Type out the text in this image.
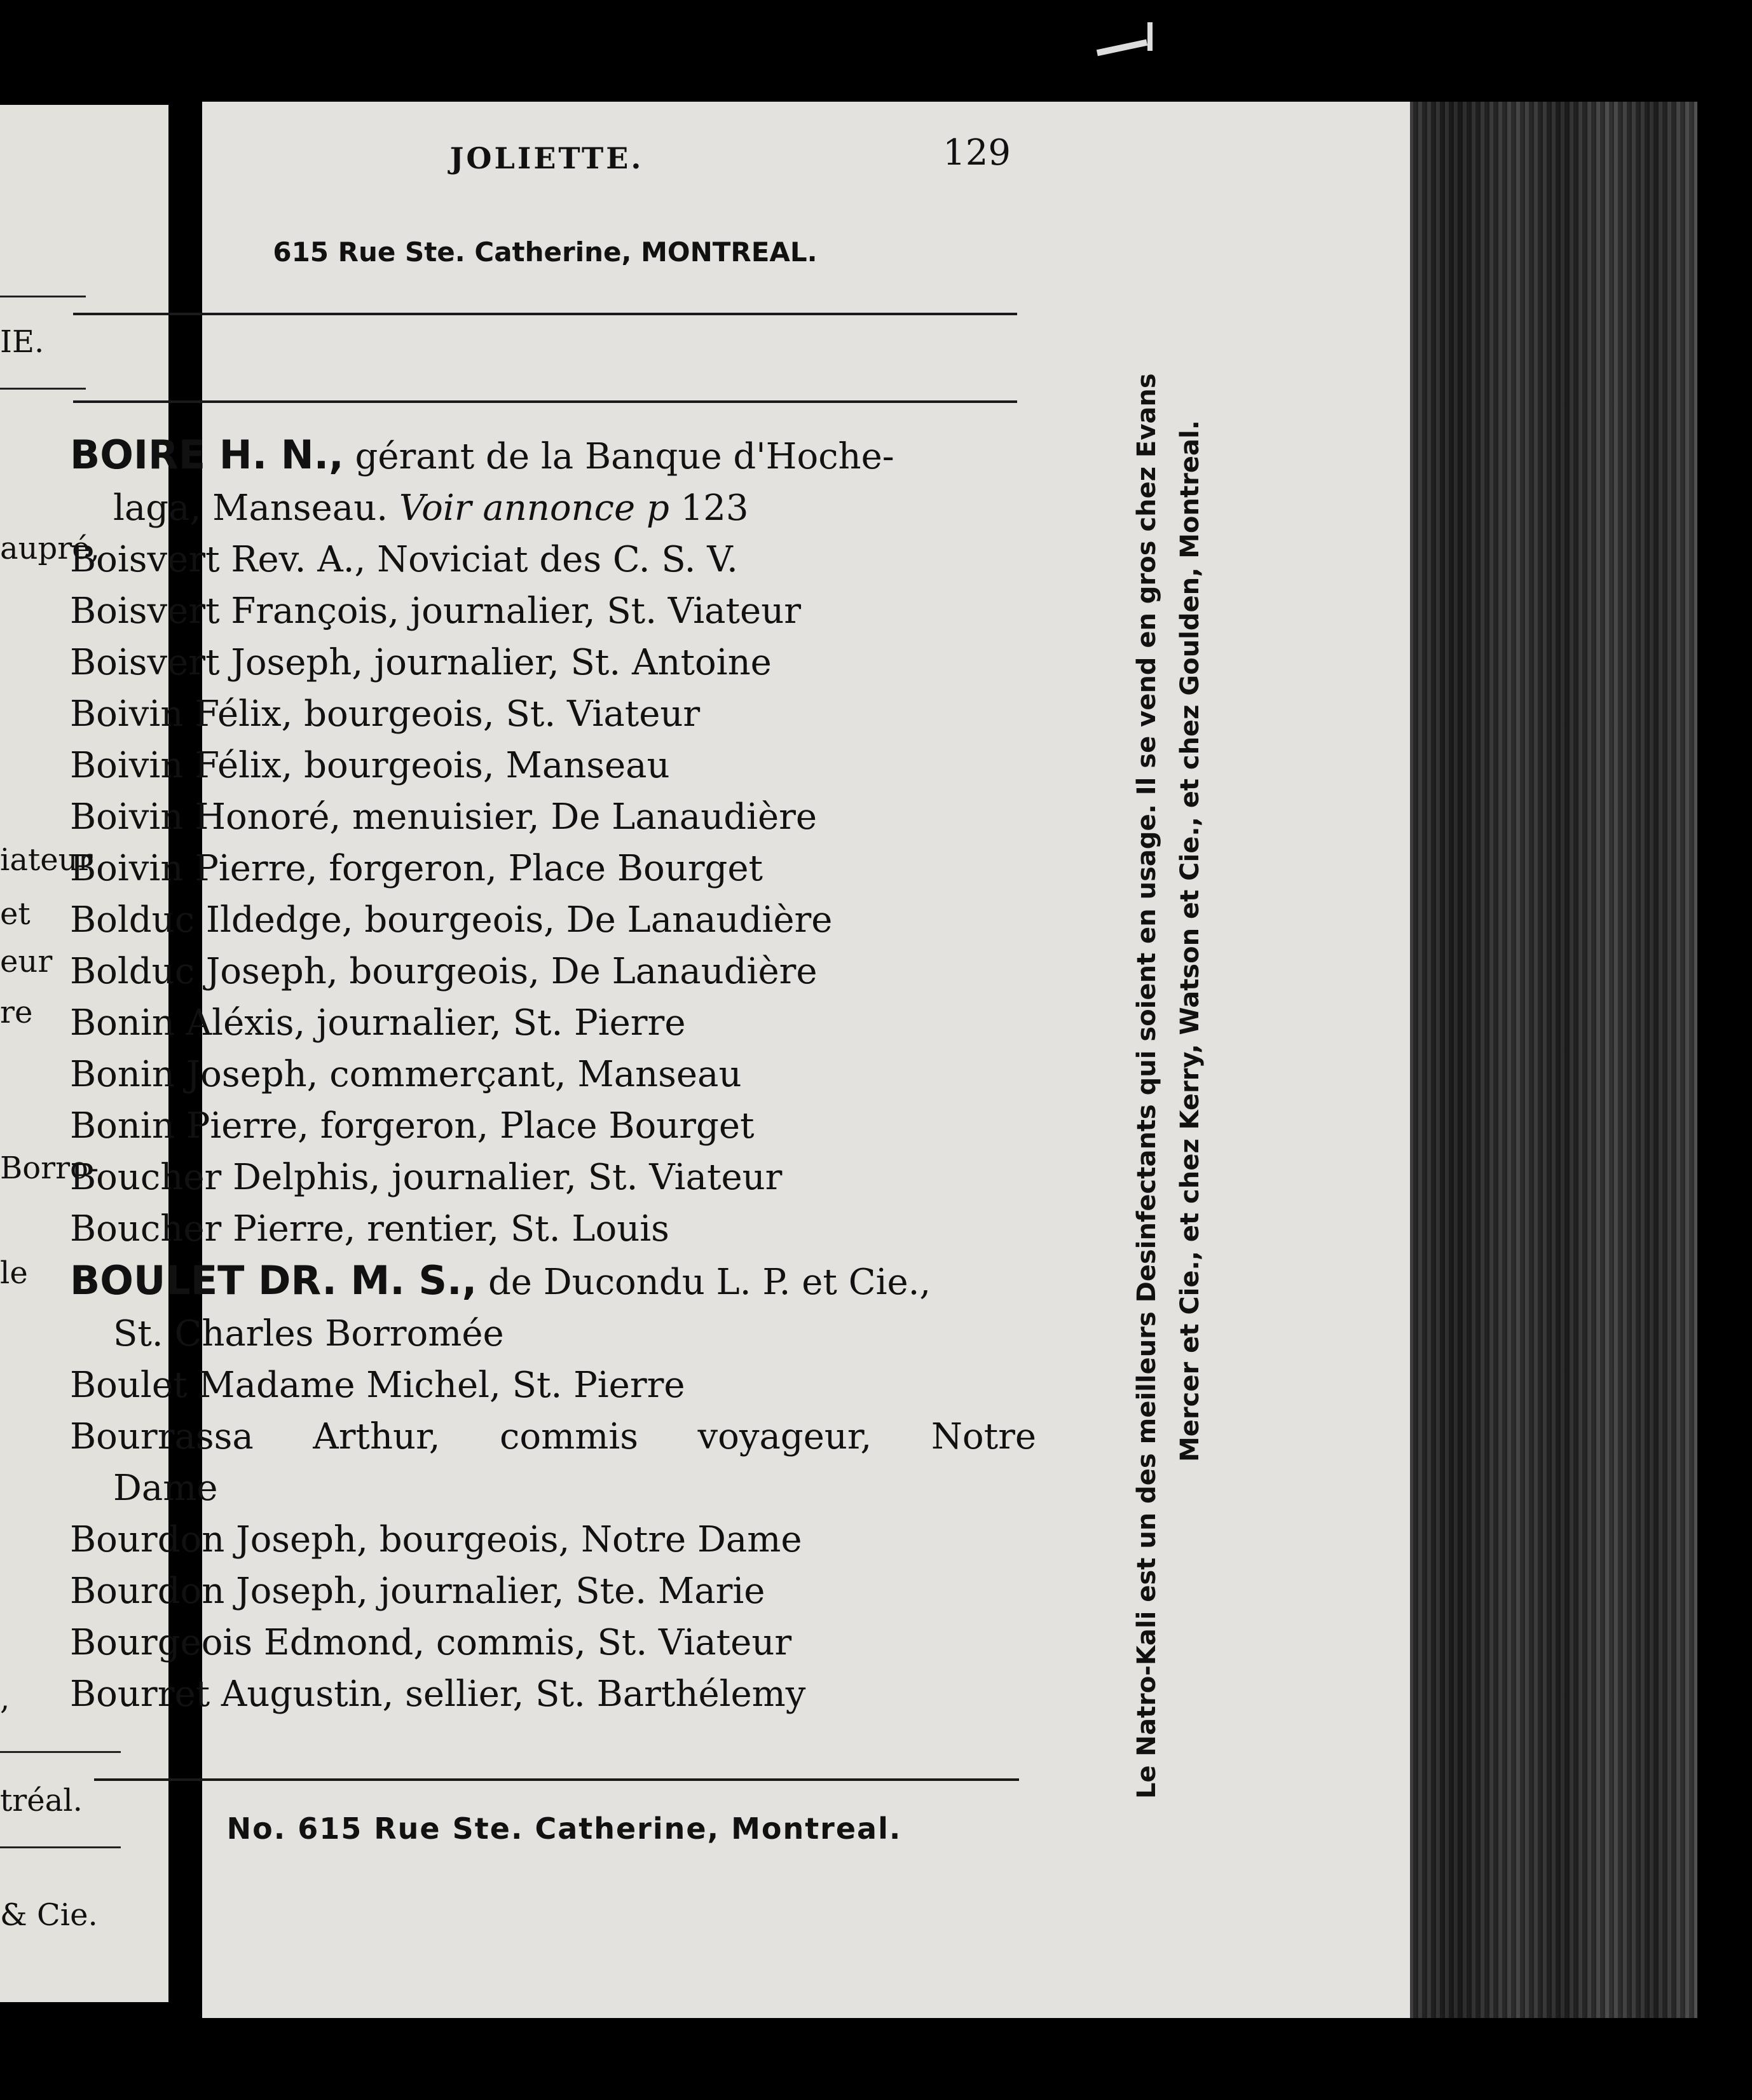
IE.
aupré,
iateur
et
eur
re
Borro-
le
,
tréal.
& Cie.
JOLIETTE.	129
615 Rue Ste. Catherine, MONTREAL.
BOIRE H. N., gérant de la Banque d'Hoche-
laga, Manseau. Voir annonce p 123
Boisvert Rev. A., Noviciat des C. S. V.
Boisvert François, journalier, St. Viateur
Boisvert Joseph, journalier, St. Antoine
Boivin Félix, bourgeois, St. Viateur
Boivin Félix, bourgeois, Manseau
Boivin Honoré, menuisier, De Lanaudière
Boivin Pierre, forgeron, Place Bourget
Bolduc Ildedge, bourgeois, De Lanaudière
Bolduc Joseph, bourgeois, De Lanaudière
Bonin Aléxis, journalier, St. Pierre
Bonin Joseph, commerçant, Manseau
Bonin Pierre, forgeron, Place Bourget
Boucher Delphis, journalier, St. Viateur
Boucher Pierre, rentier, St. Louis
BOULET DR. M. S., de Ducondu L. P. et Cie.,
St. Charles Borromée
Boulet Madame Michel, St. Pierre
Bourrassa Arthur, commis voyageur, Notre
Dame
Bourdon Joseph, bourgeois, Notre Dame
Bourdon Joseph, journalier, Ste. Marie
Bourgeois Edmond, commis, St. Viateur
Bourret Augustin, sellier, St. Barthélemy
No. 615 Rue Ste. Catherine, Montreal.
Le Natro-Kali est un des meilleurs Desinfectants qui soient en usage. Il se vend en gros chez Evans Mercer et Cie., et chez Kerry, Watson et Cie., et chez Goulden, Montreal.
